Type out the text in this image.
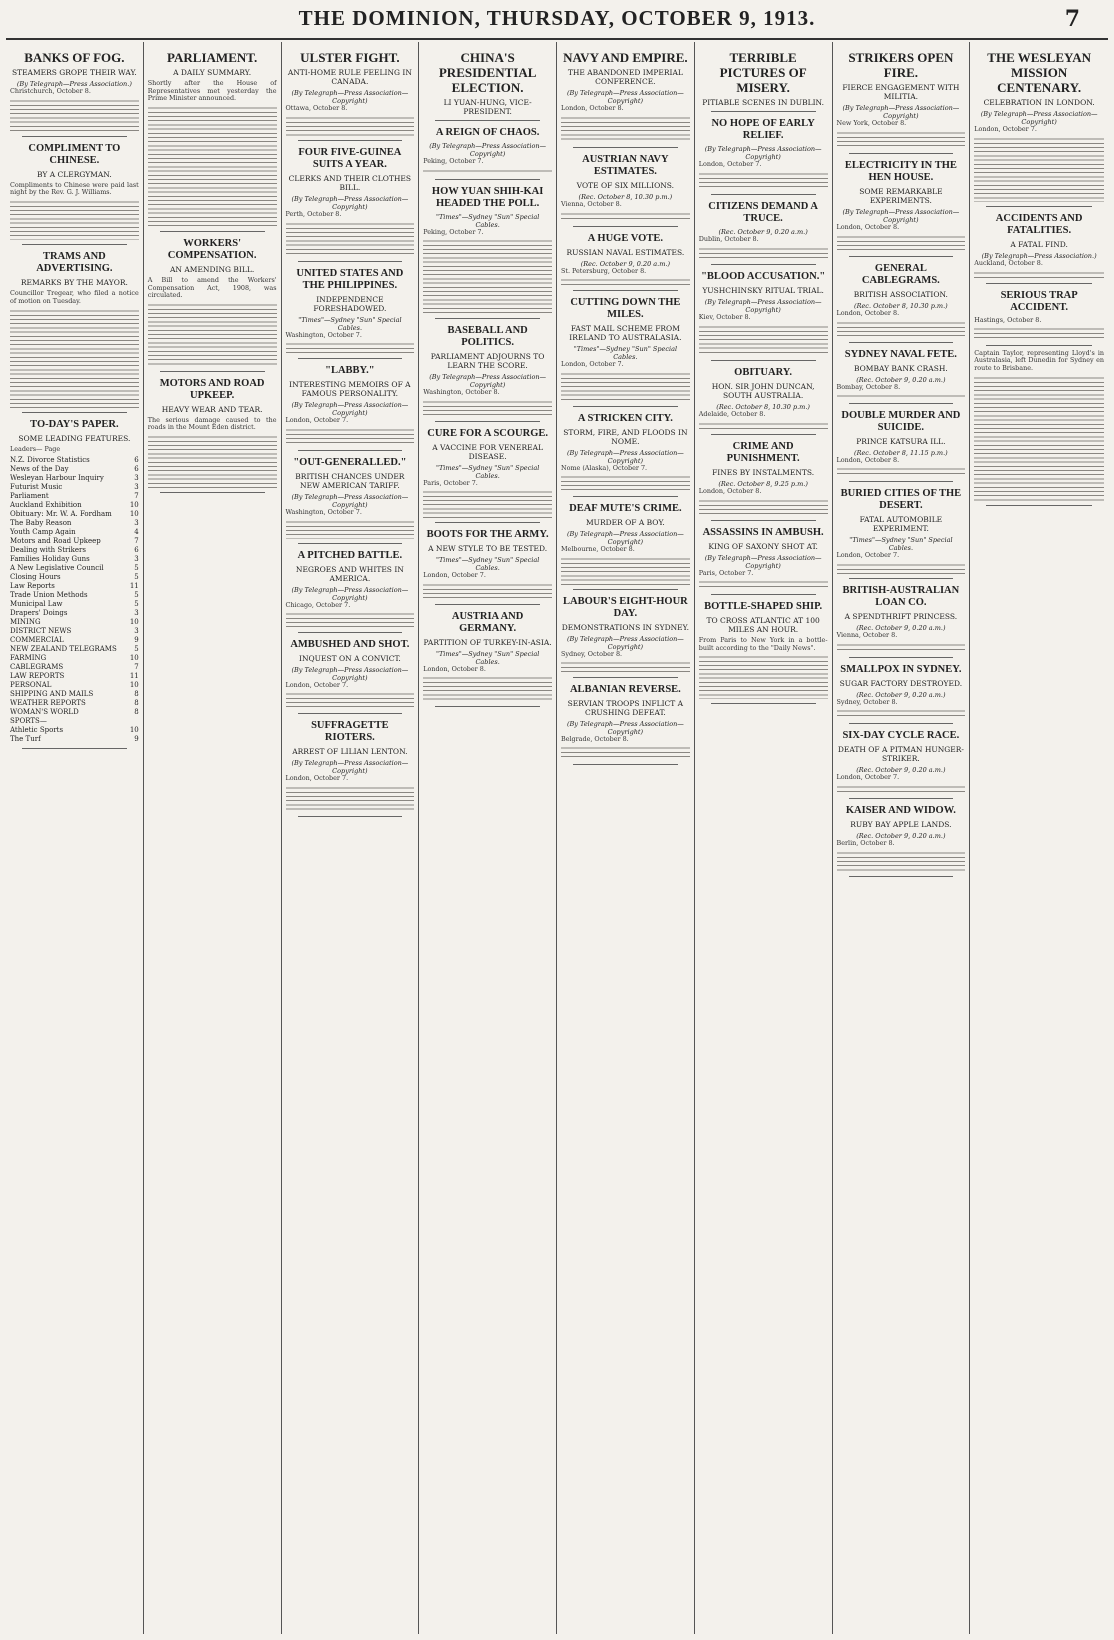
THE DOMINION, THURSDAY, OCTOBER 9, 1913.	7
BANKS OF FOG.
STEAMERS GROPE THEIR WAY.
(By Telegraph—Press Association.)

Christchurch, October 8.

COMPLIMENT TO CHINESE.
BY A CLERGYMAN.

Compliments to Chinese were paid last night by the Rev. G. J. Williams.

TRAMS AND ADVERTISING.
REMARKS BY THE MAYOR.

Councillor Tregear, who filed a notice of motion on Tuesday.

TO-DAY'S PAPER.
SOME LEADING FEATURES.

Leaders— Page

N.Z. Divorce Statistics	6
News of the Day	6
Wesleyan Harbour Inquiry	3
Futurist Music	3
Parliament	7
Auckland Exhibition	10
Obituary: Mr. W. A. Fordham	10
The Baby Reason	3
Youth Camp Again	4
Motors and Road Upkeep	7
Dealing with Strikers	6
Families Holiday Guns	3
A New Legislative Council	5
Closing Hours	5
Law Reports	11
Trade Union Methods	5
Municipal Law	5
Drapers' Doings	3
MINING	10
DISTRICT NEWS	3
COMMERCIAL	9
NEW ZEALAND TELEGRAMS	5
FARMING	10
CABLEGRAMS	7
LAW REPORTS	11
PERSONAL	10
SHIPPING AND MAILS	8
WEATHER REPORTS	8
WOMAN'S WORLD	8
SPORTS—
Athletic Sports	10
The Turf	9
PARLIAMENT.
A DAILY SUMMARY.

Shortly after the House of Representatives met yesterday the Prime Minister announced.

WORKERS' COMPENSATION.
AN AMENDING BILL.

A Bill to amend the Workers' Compensation Act, 1908, was circulated.

MOTORS AND ROAD UPKEEP.
HEAVY WEAR AND TEAR.

The serious damage caused to the roads in the Mount Eden district.

ULSTER FIGHT.
ANTI-HOME RULE FEELING IN CANADA.
(By Telegraph—Press Association—Copyright)

Ottawa, October 8.

FOUR FIVE-GUINEA SUITS A YEAR.
CLERKS AND THEIR CLOTHES BILL.
(By Telegraph—Press Association—Copyright)

Perth, October 8.

UNITED STATES AND THE PHILIPPINES.
INDEPENDENCE FORESHADOWED.
"Times"—Sydney "Sun" Special Cables.

Washington, October 7.

"LABBY."
INTERESTING MEMOIRS OF A FAMOUS PERSONALITY.
(By Telegraph—Press Association—Copyright)

London, October 7.

"OUT-GENERALLED."
BRITISH CHANCES UNDER NEW AMERICAN TARIFF.
(By Telegraph—Press Association—Copyright)

Washington, October 7.

A PITCHED BATTLE.
NEGROES AND WHITES IN AMERICA.
(By Telegraph—Press Association—Copyright)

Chicago, October 7.

AMBUSHED AND SHOT.
INQUEST ON A CONVICT.
(By Telegraph—Press Association—Copyright)

London, October 7.

SUFFRAGETTE RIOTERS.
ARREST OF LILIAN LENTON.
(By Telegraph—Press Association—Copyright)

London, October 7.

CHINA'S PRESIDENTIAL ELECTION.
LI YUAN-HUNG, VICE-PRESIDENT.
A REIGN OF CHAOS.
(By Telegraph—Press Association—Copyright)

Peking, October 7.

HOW YUAN SHIH-KAI HEADED THE POLL.
"Times"—Sydney "Sun" Special Cables.

Peking, October 7.

BASEBALL AND POLITICS.
PARLIAMENT ADJOURNS TO LEARN THE SCORE.
(By Telegraph—Press Association—Copyright)

Washington, October 8.

CURE FOR A SCOURGE.
A VACCINE FOR VENEREAL DISEASE.
"Times"—Sydney "Sun" Special Cables.

Paris, October 7.

BOOTS FOR THE ARMY.
A NEW STYLE TO BE TESTED.
"Times"—Sydney "Sun" Special Cables.

London, October 7.

AUSTRIA AND GERMANY.
PARTITION OF TURKEY-IN-ASIA.
"Times"—Sydney "Sun" Special Cables.

London, October 8.

NAVY AND EMPIRE.
THE ABANDONED IMPERIAL CONFERENCE.
(By Telegraph—Press Association—Copyright)

London, October 8.

AUSTRIAN NAVY ESTIMATES.
VOTE OF SIX MILLIONS.
(Rec. October 8, 10.30 p.m.)

Vienna, October 8.

A HUGE VOTE.
RUSSIAN NAVAL ESTIMATES.
(Rec. October 9, 0.20 a.m.)

St. Petersburg, October 8.

CUTTING DOWN THE MILES.
FAST MAIL SCHEME FROM IRELAND TO AUSTRALASIA.
"Times"—Sydney "Sun" Special Cables.

London, October 7.

A STRICKEN CITY.
STORM, FIRE, AND FLOODS IN NOME.
(By Telegraph—Press Association—Copyright)

Nome (Alaska), October 7.

DEAF MUTE'S CRIME.
MURDER OF A BOY.
(By Telegraph—Press Association—Copyright)

Melbourne, October 8.

LABOUR'S EIGHT-HOUR DAY.
DEMONSTRATIONS IN SYDNEY.
(By Telegraph—Press Association—Copyright)

Sydney, October 8.

ALBANIAN REVERSE.
SERVIAN TROOPS INFLICT A CRUSHING DEFEAT.
(By Telegraph—Press Association—Copyright)

Belgrade, October 8.

TERRIBLE PICTURES OF MISERY.
PITIABLE SCENES IN DUBLIN.
NO HOPE OF EARLY RELIEF.
(By Telegraph—Press Association—Copyright)

London, October 7.

CITIZENS DEMAND A TRUCE.
(Rec. October 9, 0.20 a.m.)

Dublin, October 8.

"BLOOD ACCUSATION."
YUSHCHINSKY RITUAL TRIAL.
(By Telegraph—Press Association—Copyright)

Kiev, October 8.

OBITUARY.
HON. SIR JOHN DUNCAN, SOUTH AUSTRALIA.
(Rec. October 8, 10.30 p.m.)

Adelaide, October 8.

CRIME AND PUNISHMENT.
FINES BY INSTALMENTS.
(Rec. October 8, 9.25 p.m.)

London, October 8.

ASSASSINS IN AMBUSH.
KING OF SAXONY SHOT AT.
(By Telegraph—Press Association—Copyright)

Paris, October 7.

BOTTLE-SHAPED SHIP.
TO CROSS ATLANTIC AT 100 MILES AN HOUR.

From Paris to New York in a bottle-built according to the "Daily News".

STRIKERS OPEN FIRE.
FIERCE ENGAGEMENT WITH MILITIA.
(By Telegraph—Press Association—Copyright)

New York, October 8.

ELECTRICITY IN THE HEN HOUSE.
SOME REMARKABLE EXPERIMENTS.
(By Telegraph—Press Association—Copyright)

London, October 8.

GENERAL CABLEGRAMS.
BRITISH ASSOCIATION.
(Rec. October 8, 10.30 p.m.)

London, October 8.

SYDNEY NAVAL FETE.
BOMBAY BANK CRASH.
(Rec. October 9, 0.20 a.m.)

Bombay, October 8.

DOUBLE MURDER AND SUICIDE.
PRINCE KATSURA ILL.
(Rec. October 8, 11.15 p.m.)

London, October 8.

BURIED CITIES OF THE DESERT.
FATAL AUTOMOBILE EXPERIMENT.
"Times"—Sydney "Sun" Special Cables.

London, October 7.

BRITISH-AUSTRALIAN LOAN CO.
A SPENDTHRIFT PRINCESS.
(Rec. October 9, 0.20 a.m.)

Vienna, October 8.

SMALLPOX IN SYDNEY.
SUGAR FACTORY DESTROYED.
(Rec. October 9, 0.20 a.m.)

Sydney, October 8.

SIX-DAY CYCLE RACE.
DEATH OF A PITMAN HUNGER-STRIKER.
(Rec. October 9, 0.20 a.m.)

London, October 7.

KAISER AND WIDOW.
RUBY BAY APPLE LANDS.
(Rec. October 9, 0.20 a.m.)

Berlin, October 8.

THE WESLEYAN MISSION CENTENARY.
CELEBRATION IN LONDON.
(By Telegraph—Press Association—Copyright)

London, October 7.

ACCIDENTS AND FATALITIES.
A FATAL FIND.
(By Telegraph—Press Association.)

Auckland, October 8.

SERIOUS TRAP ACCIDENT.

Hastings, October 8.

Captain Taylor, representing Lloyd's in Australasia, left Dunedin for Sydney en route to Brisbane.
